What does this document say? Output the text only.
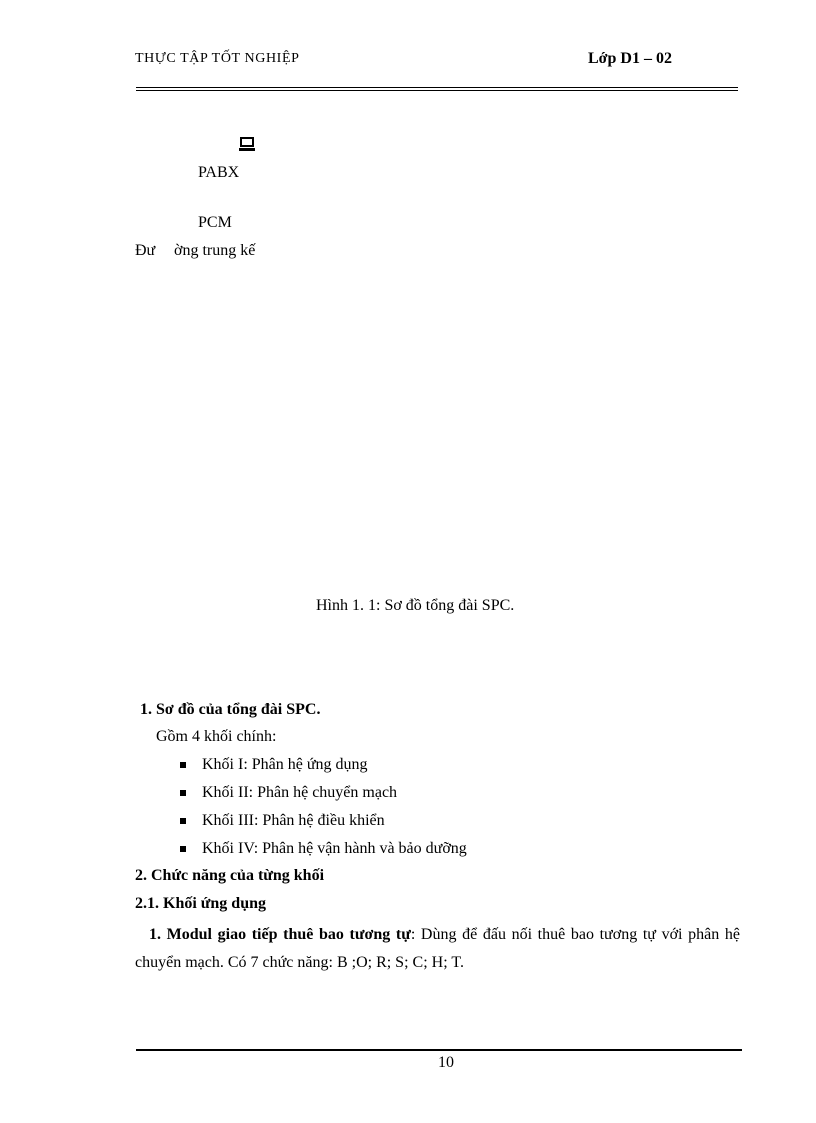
THỰC TẬP TỐT NGHIỆP	Lớp D1 – 02
PABX
PCM
Đư ờng trung kế
Hình 1. 1: Sơ đồ tổng đài SPC.
1. Sơ đồ của tổng đài SPC.
Gồm 4 khối chính:
Khối I: Phân hệ ứng dụng
Khối II: Phân hệ chuyển mạch
Khối III: Phân hệ điều khiển
Khối IV: Phân hệ vận hành và bảo dưỡng
2. Chức năng của từng khối
2.1. Khối ứng dụng
1. Modul giao tiếp thuê bao tương tự: Dùng để đấu nối thuê bao tương tự với phân hệ chuyển mạch. Có 7 chức năng: B ;O; R; S; C; H; T.
10
